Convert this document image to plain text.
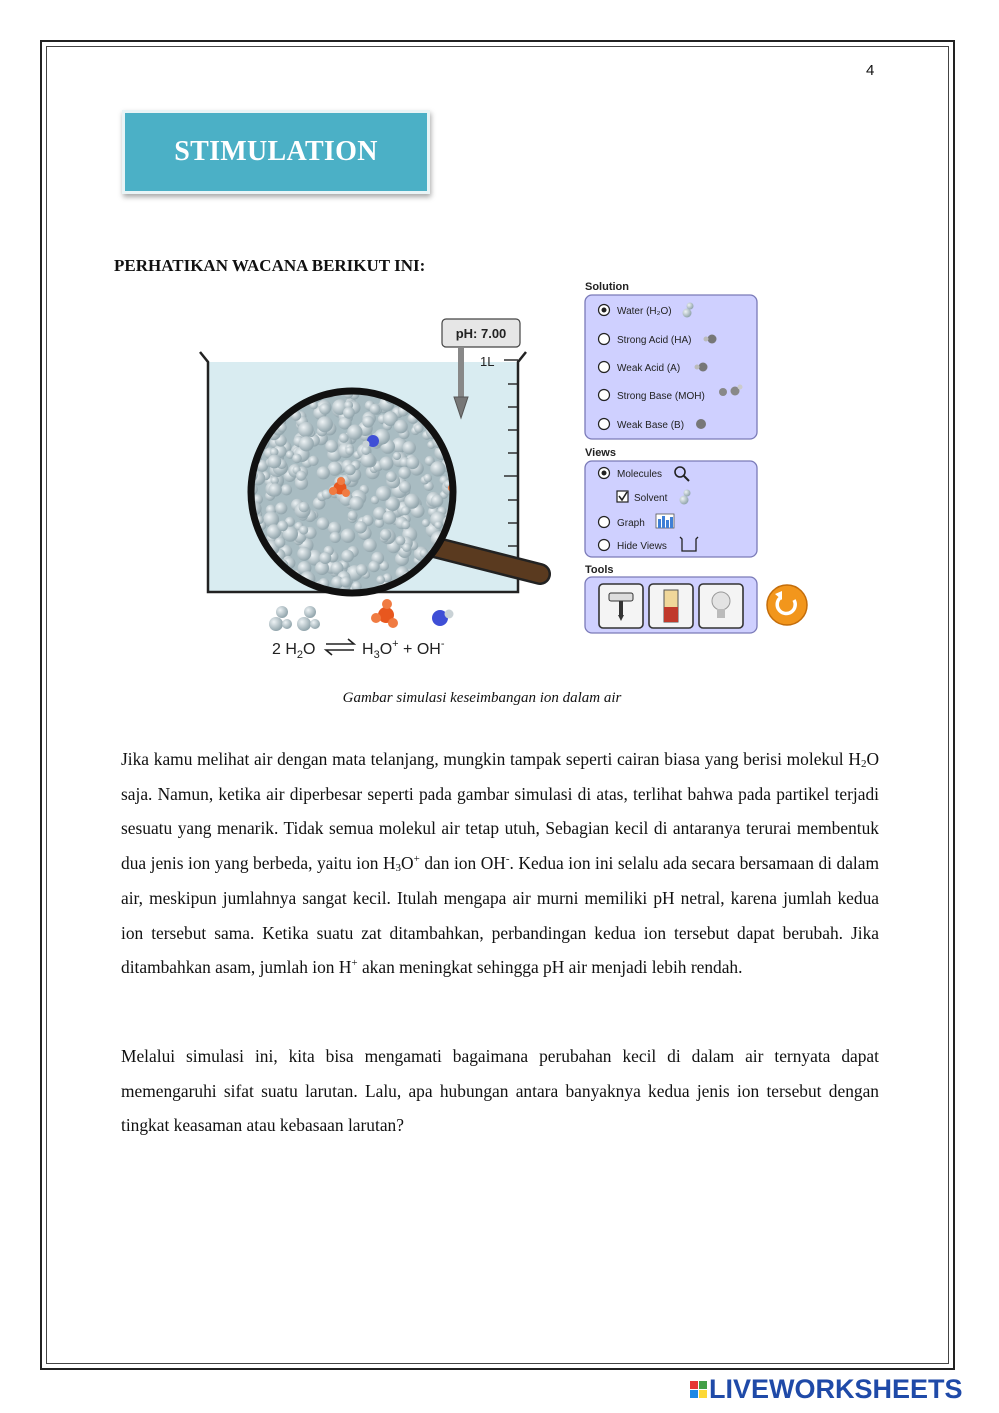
4
STIMULATION
PERHATIKAN WACANA BERIKUT INI:
1L
pH: 7.00
2 $H_2O$	$H_3O^+ + OH^-$
Solution
Water (H₂O)
Strong Acid (HA)
Weak Acid (A)
Strong Base (MOH)
Weak Base (B)
Views
Molecules
Solvent
Graph
Hide Views
Tools
Gambar simulasi keseimbangan ion dalam air

Jika kamu melihat air dengan mata telanjang, mungkin tampak seperti cairan biasa yang berisi molekul H2O saja. Namun, ketika air diperbesar seperti pada gambar simulasi di atas, terlihat bahwa pada partikel terjadi sesuatu yang menarik. Tidak semua molekul air tetap utuh, Sebagian kecil di antaranya terurai membentuk dua jenis ion yang berbeda, yaitu ion H3O+ dan ion OH-. Kedua ion ini selalu ada secara bersamaan di dalam air, meskipun jumlahnya sangat kecil. Itulah mengapa air murni memiliki pH netral, karena jumlah kedua ion tersebut sama. Ketika suatu zat ditambahkan, perbandingan kedua ion tersebut dapat berubah. Jika ditambahkan asam, jumlah ion H+ akan meningkat sehingga pH air menjadi lebih rendah.

Melalui simulasi ini, kita bisa mengamati bagaimana perubahan kecil di dalam air ternyata dapat memengaruhi sifat suatu larutan. Lalu, apa hubungan antara banyaknya kedua jenis ion tersebut dengan tingkat keasaman atau kebasaan larutan?

LIVEWORKSHEETS
